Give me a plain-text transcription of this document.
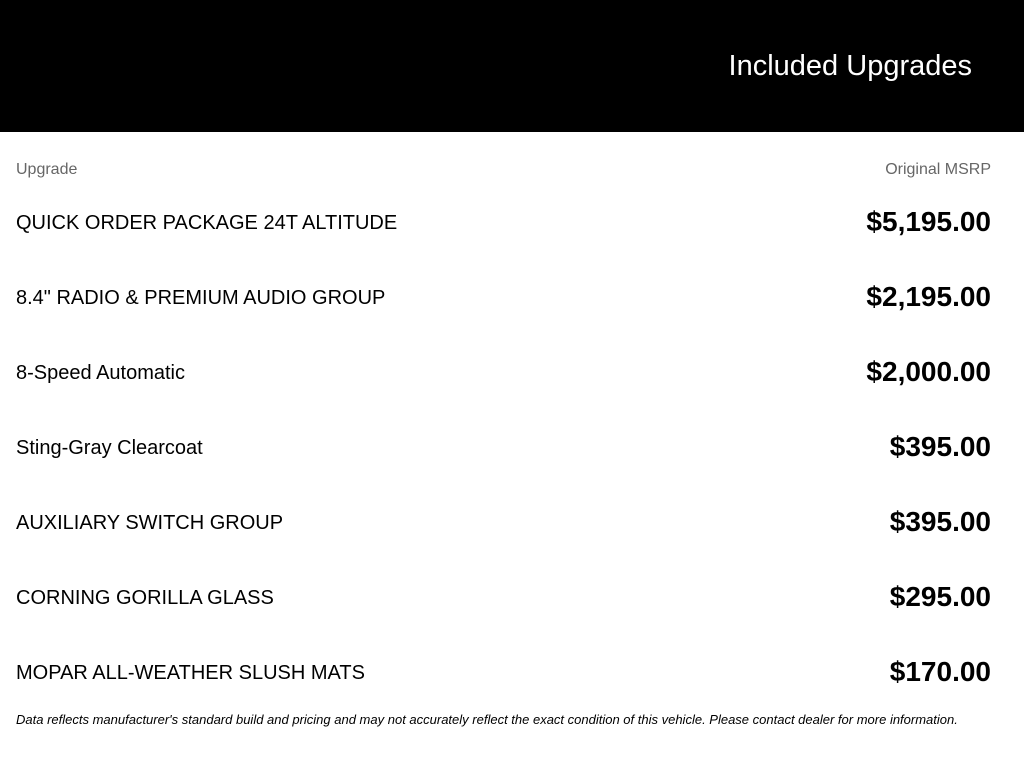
Included Upgrades
Upgrade	Original MSRP
QUICK ORDER PACKAGE 24T ALTITUDE	$5,195.00
8.4" RADIO & PREMIUM AUDIO GROUP	$2,195.00
8-Speed Automatic	$2,000.00
Sting-Gray Clearcoat	$395.00
AUXILIARY SWITCH GROUP	$395.00
CORNING GORILLA GLASS	$295.00
MOPAR ALL-WEATHER SLUSH MATS	$170.00
Data reflects manufacturer's standard build and pricing and may not accurately reflect the exact condition of this vehicle. Please contact dealer for more information.
